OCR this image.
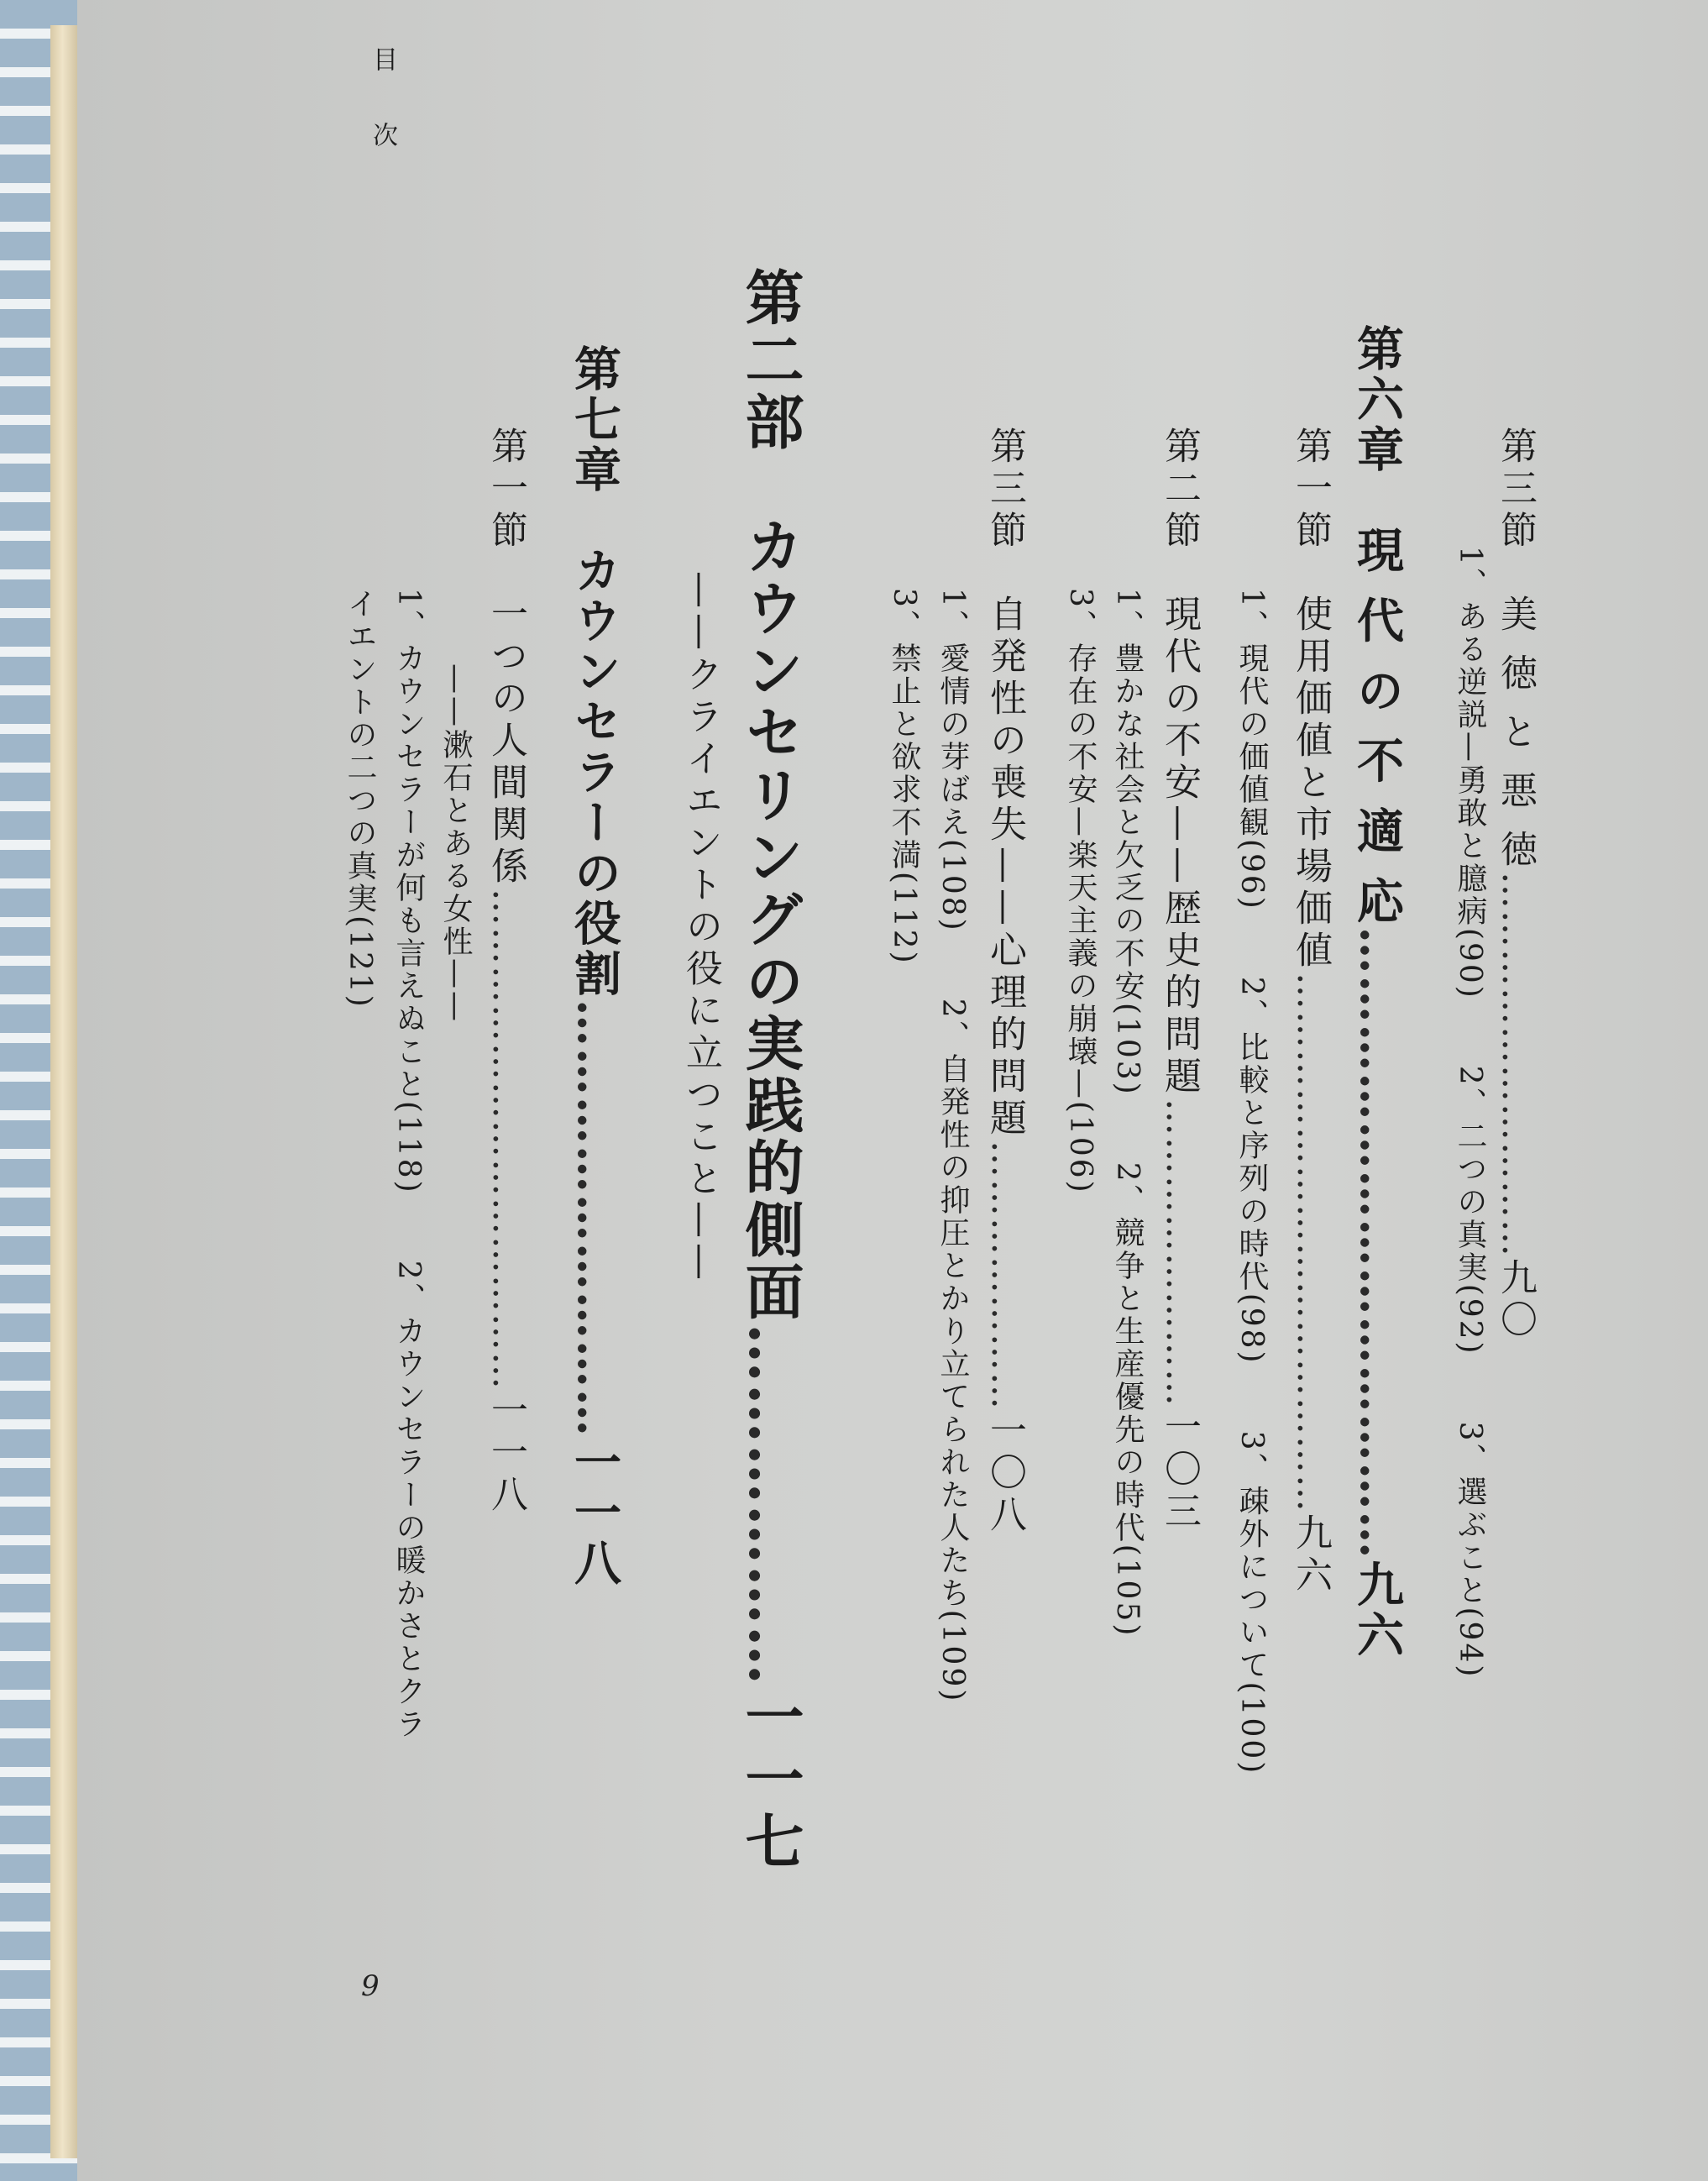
目次
第三節　美 徳 と 悪 徳…………………………九〇
1、ある逆説—勇敢と臆病(90)　　2、二つの真実(92)　　3、選ぶこと(94)
第六章　現 代 の 不 適 応…………………………………九六
第一節　使用価値と市場価値……………………………………九六
1、現代の価値観(96)　　2、比較と序列の時代(98)　　3、疎外について(100)
第二節　現代の不安——歴史的問題……………………一〇三
1、豊かな社会と欠乏の不安(103)　　2、競争と生産優先の時代(105)
3、存在の不安—楽天主義の崩壊—(106)
第三節　自発性の喪失——心理的問題…………………一〇八
1、愛情の芽ばえ(108)　　2、自発性の抑圧とかり立てられた人たち(109)
3、禁止と欲求不満(112)
第二部　カウンセリングの実践的側面………………一一七
——クライエントの役に立つこと——
第七章　カウンセラーの役割………………………一一八
第一節　一つの人間関係…………………………………一一八
——漱石とある女性——
1、カウンセラーが何も言えぬこと(118)　　2、カウンセラーの暖かさとクラ
イエントの二つの真実(121)
9
